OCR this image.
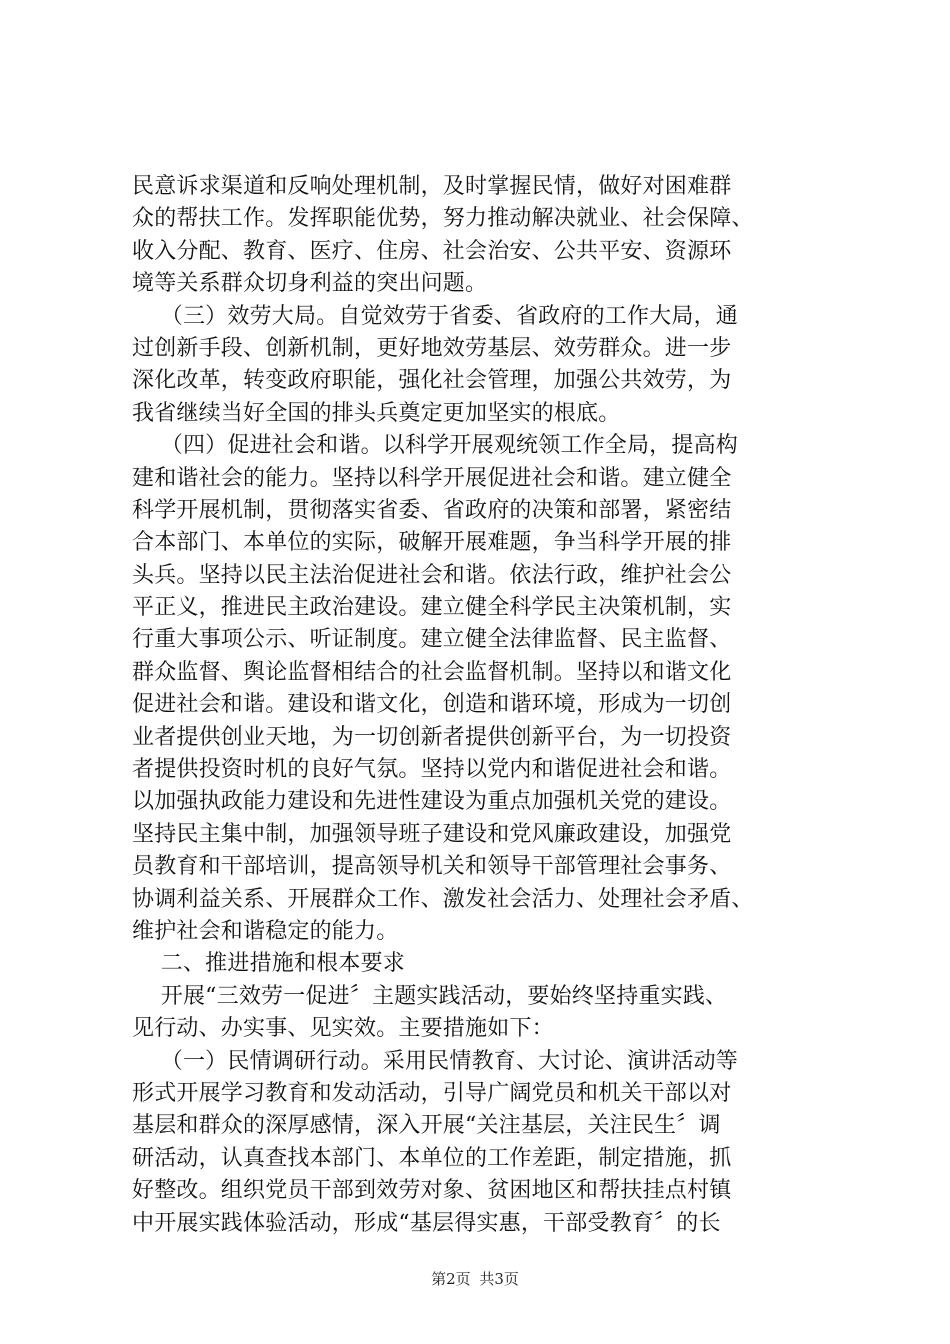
民意诉求渠道和反响处理机制，及时掌握民情，做好对困难群
众的帮扶工作。发挥职能优势，努力推动解决就业、社会保障、
收入分配、教育、医疗、住房、社会治安、公共平安、资源环
境等关系群众切身利益的突出问题。
（三）效劳大局。自觉效劳于省委、省政府的工作大局，通
过创新手段、创新机制，更好地效劳基层、效劳群众。进一步
深化改革，转变政府职能，强化社会管理，加强公共效劳，为
我省继续当好全国的排头兵奠定更加坚实的根底。
（四）促进社会和谐。以科学开展观统领工作全局，提高构
建和谐社会的能力。坚持以科学开展促进社会和谐。建立健全
科学开展机制，贯彻落实省委、省政府的决策和部署，紧密结
合本部门、本单位的实际，破解开展难题，争当科学开展的排
头兵。坚持以民主法治促进社会和谐。依法行政，维护社会公
平正义，推进民主政治建设。建立健全科学民主决策机制，实
行重大事项公示、听证制度。建立健全法律监督、民主监督、
群众监督、舆论监督相结合的社会监督机制。坚持以和谐文化
促进社会和谐。建设和谐文化，创造和谐环境，形成为一切创
业者提供创业天地，为一切创新者提供创新平台，为一切投资
者提供投资时机的良好气氛。坚持以党内和谐促进社会和谐。
以加强执政能力建设和先进性建设为重点加强机关党的建设。
坚持民主集中制，加强领导班子建设和党风廉政建设，加强党
员教育和干部培训，提高领导机关和领导干部管理社会事务、
协调利益关系、开展群众工作、激发社会活力、处理社会矛盾、
维护社会和谐稳定的能力。
二、推进措施和根本要求
开展“三效劳一促进〞主题实践活动，要始终坚持重实践、
见行动、办实事、见实效。主要措施如下：
（一）民情调研行动。采用民情教育、大讨论、演讲活动等
形式开展学习教育和发动活动，引导广阔党员和机关干部以对
基层和群众的深厚感情，深入开展“关注基层，关注民生〞调
研活动，认真查找本部门、本单位的工作差距，制定措施，抓
好整改。组织党员干部到效劳对象、贫困地区和帮扶挂点村镇
中开展实践体验活动，形成“基层得实惠，干部受教育〞的长
第2页 共3页
